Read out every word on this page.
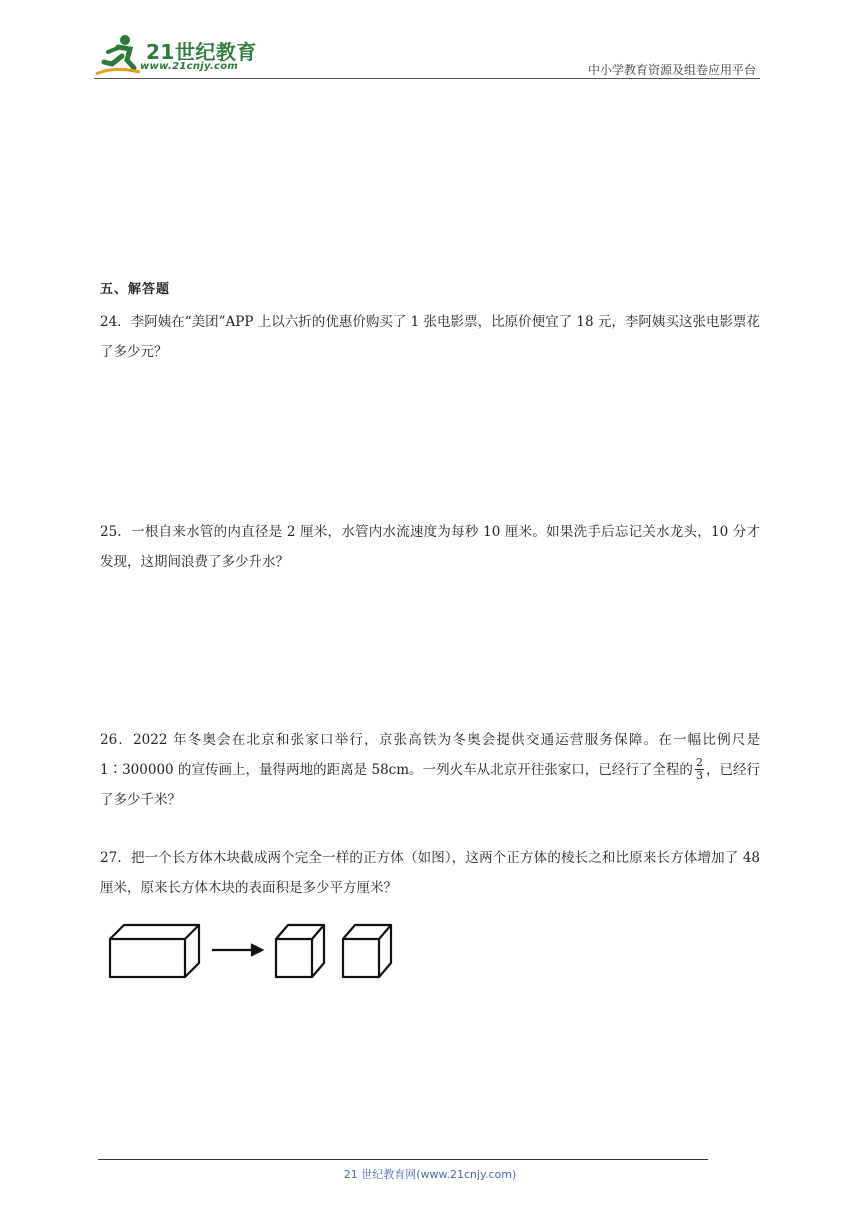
21世纪教育
www.21cnjy.com	中小学教育资源及组卷应用平台
五、解答题

24．李阿姨在“美团”APP 上以六折的优惠价购买了 1 张电影票，比原价便宜了 18 元，李阿姨买这张电影票花了多少元？

25．一根自来水管的内直径是 2 厘米，水管内水流速度为每秒 10 厘米。如果洗手后忘记关水龙头，10 分才发现，这期间浪费了多少升水？

26．2022 年冬奥会在北京和张家口举行，京张高铁为冬奥会提供交通运营服务保障。在一幅比例尺是 1∶300000 的宣传画上，量得两地的距离是 58cm。一列火车从北京开往张家口，已经行了全程的 $\frac{2}{3}$ ，已经行了多少千米？

27．把一个长方体木块截成两个完全一样的正方体（如图），这两个正方体的棱长之和比原来长方体增加了 48 厘米，原来长方体木块的表面积是多少平方厘米？

21 世纪教育网(www.21cnjy.com)
